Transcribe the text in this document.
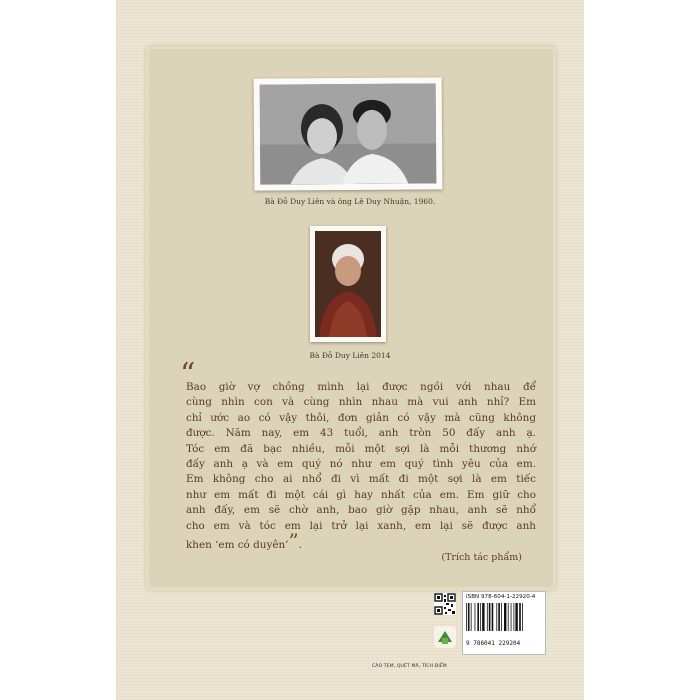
Bà Đỗ Duy Liên và ông Lê Duy Nhuận, 1960.
Bà Đỗ Duy Liên 2014
“
Bao giờ vợ chồng mình lại được ngồi với nhau để
cùng nhìn con và cùng nhìn nhau mà vui anh nhỉ? Em
chỉ ước ao có vậy thôi, đơn giản có vậy mà cũng không
được. Năm nay, em 43 tuổi, anh tròn 50 đấy anh ạ.
Tóc em đã bạc nhiều, mỗi một sợi là mỗi thương nhớ
đấy anh ạ và em quý nó như em quý tình yêu của em.
Em không cho ai nhổ đi vì mất đi một sợi là em tiếc
như em mất đi một cái gì hay nhất của em. Em giữ cho
anh đấy, em sẽ chờ anh, bao giờ gặp nhau, anh sẽ nhổ
cho em và tóc em lại trở lại xanh, em lại sẽ được anh
khen ‘em có duyên’”.
(Trích tác phẩm)
CÀO TEM, QUÉT MÃ, TÍCH ĐIỂM
ISBN 978-604-1-22920-4
9 786041 229204
